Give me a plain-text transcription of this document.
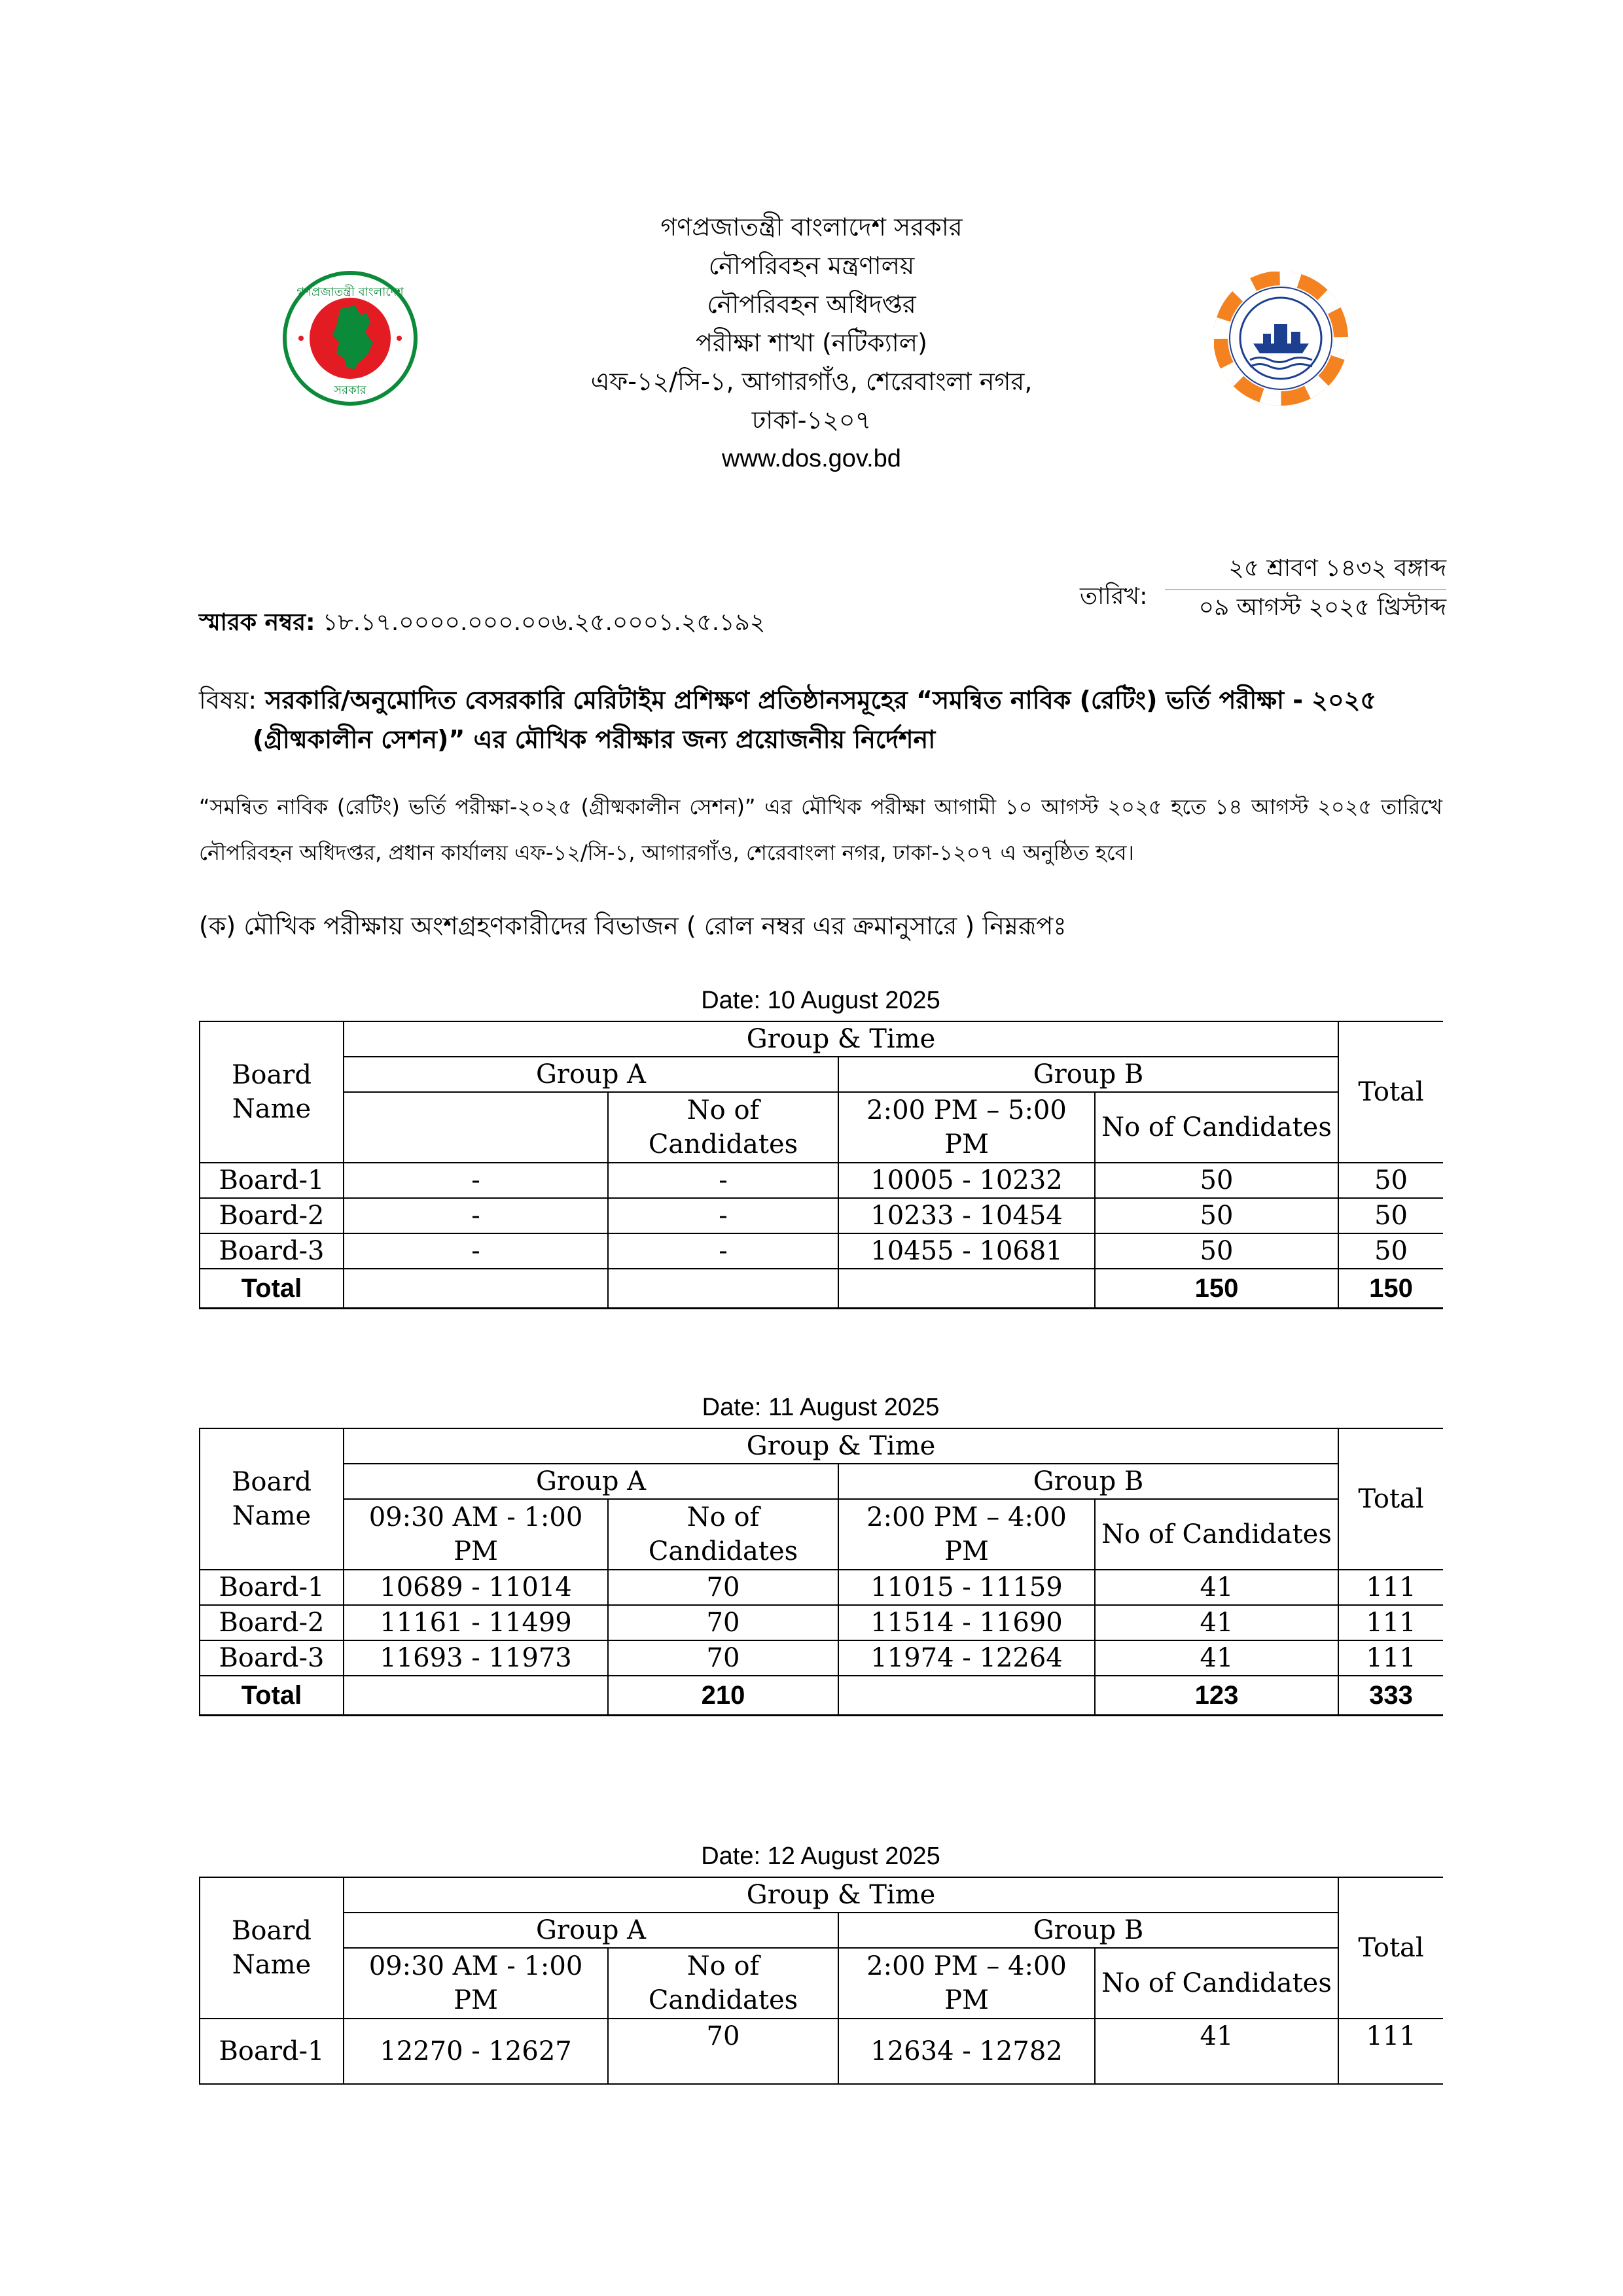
গণপ্রজাতন্ত্রী বাংলাদেশ
সরকার
গণপ্রজাতন্ত্রী বাংলাদেশ সরকার
নৌপরিবহন মন্ত্রণালয়
নৌপরিবহন অধিদপ্তর
পরীক্ষা শাখা (নটিক্যাল)
এফ-১২/সি-১, আগারগাঁও, শেরেবাংলা নগর,
ঢাকা-১২০৭
www.dos.gov.bd
তারিখ:
২৫ শ্রাবণ ১৪৩২ বঙ্গাব্দ
০৯ আগস্ট ২০২৫ খ্রিস্টাব্দ
স্মারক নম্বর: ১৮.১৭.০০০০.০০০.০০৬.২৫.০০০১.২৫.১৯২
বিষয়: সরকারি/অনুমোদিত বেসরকারি মেরিটাইম প্রশিক্ষণ প্রতিষ্ঠানসমূহের “সমন্বিত নাবিক (রেটিং) ভর্তি পরীক্ষা - ২০২৫
(গ্রীষ্মকালীন সেশন)” এর মৌখিক পরীক্ষার জন্য প্রয়োজনীয় নির্দেশনা
“সমন্বিত নাবিক (রেটিং) ভর্তি পরীক্ষা-২০২৫ (গ্রীষ্মকালীন সেশন)” এর মৌখিক পরীক্ষা আগামী ১০ আগস্ট ২০২৫ হতে ১৪ আগস্ট ২০২৫ তারিখে
নৌপরিবহন অধিদপ্তর, প্রধান কার্যালয় এফ-১২/সি-১, আগারগাঁও, শেরেবাংলা নগর, ঢাকা-১২০৭ এ অনুষ্ঠিত হবে।
(ক) মৌখিক পরীক্ষায় অংশগ্রহণকারীদের বিভাজন ( রোল নম্বর এর ক্রমানুসারে ) নিম্নরূপঃ
Date: 10 August 2025
Board Name	Group & Time				Total
	Group A		Group B		
		No of Candidates	2:00 PM – 5:00 PM	No of Candidates	
Board-1	-	-	10005 - 10232	50	50
Board-2	-	-	10233 - 10454	50	50
Board-3	-	-	10455 - 10681	50	50
Total				150	150
Date: 11 August 2025
Board Name	Group & Time				Total
	Group A		Group B		
	09:30 AM - 1:00 PM	No of Candidates	2:00 PM – 4:00 PM	No of Candidates	
Board-1	10689 - 11014	70	11015 - 11159	41	111
Board-2	11161 - 11499	70	11514 - 11690	41	111
Board-3	11693 - 11973	70	11974 - 12264	41	111
Total		210		123	333
Date: 12 August 2025
Board Name	Group & Time				Total
	Group A		Group B		
	09:30 AM - 1:00 PM	No of Candidates	2:00 PM – 4:00 PM	No of Candidates	
Board-1	12270 - 12627	70	12634 - 12782	41	111
